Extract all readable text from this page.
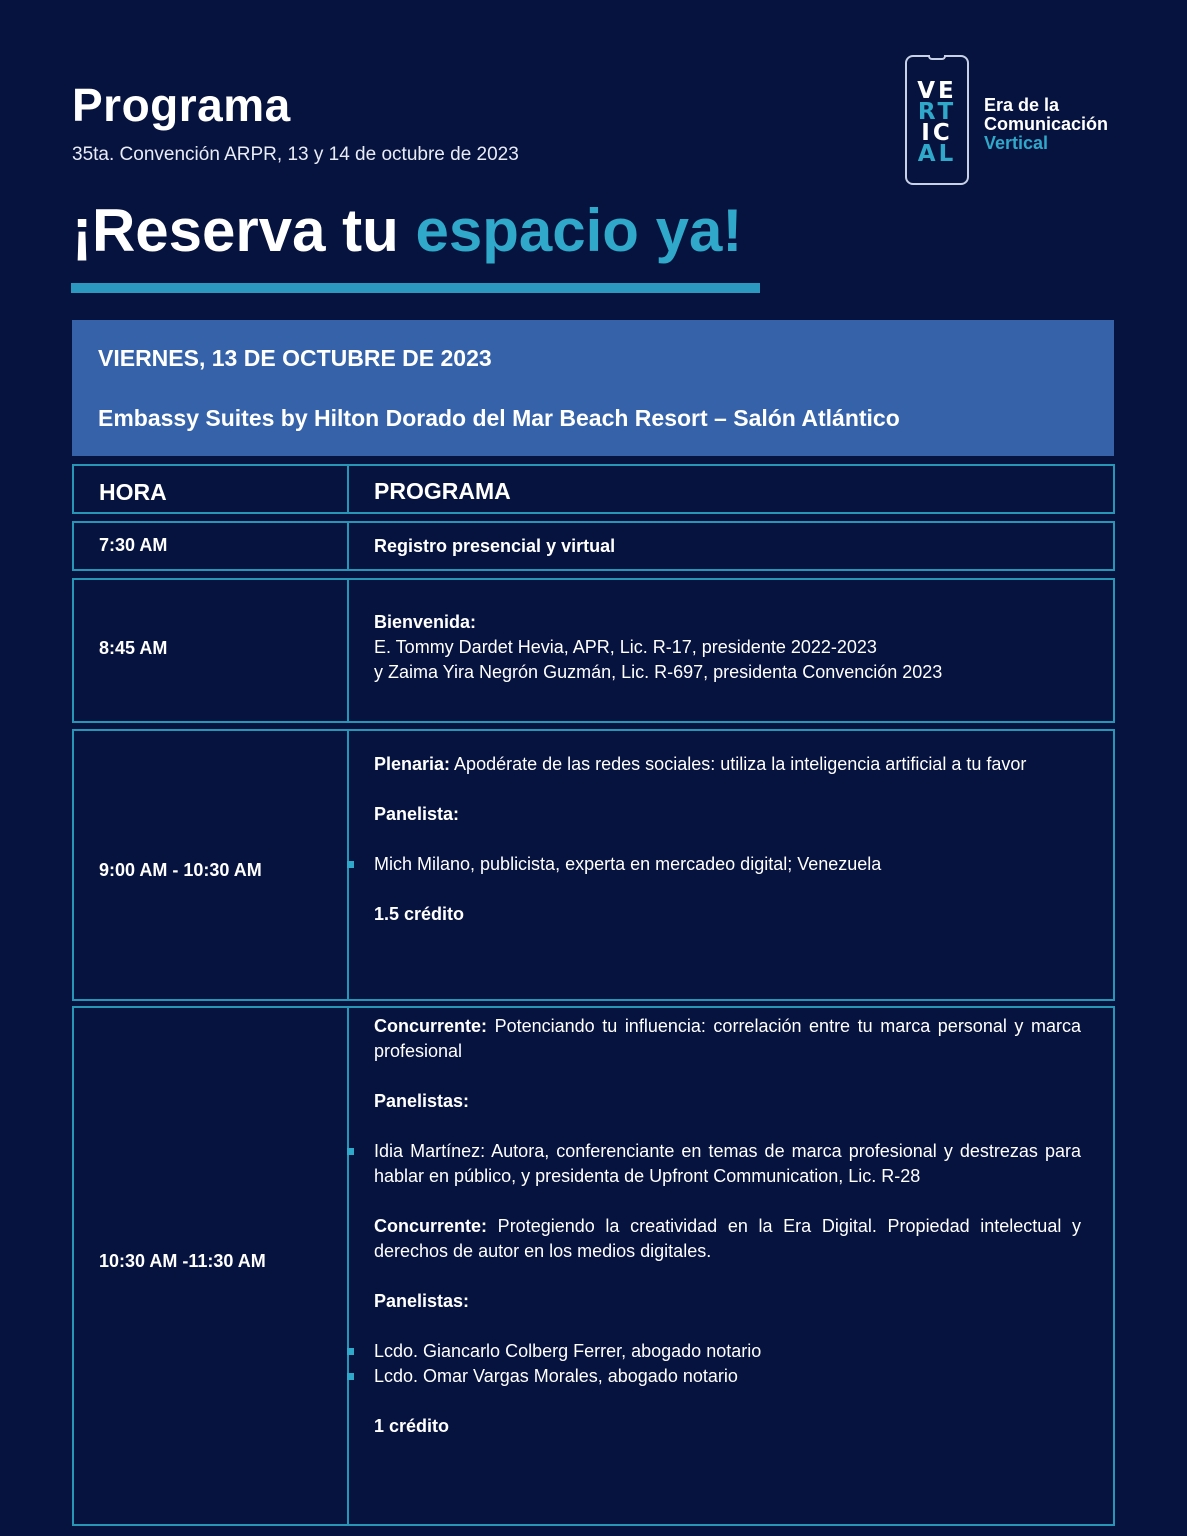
Programa
35ta. Convención ARPR, 13 y 14 de octubre de 2023
¡Reserva tu espacio ya!
VE
RT
IC
AL
Era de la
Comunicación
Vertical
VIERNES, 13 DE OCTUBRE DE 2023
Embassy Suites by Hilton Dorado del Mar Beach Resort – Salón Atlántico
HORA	PROGRAMA
7:30 AM	Registro presencial y virtual
8:45 AM
Bienvenida:
E. Tommy Dardet Hevia, APR, Lic. R-17, presidente 2022-2023
y Zaima Yira Negrón Guzmán, Lic. R-697, presidenta Convención 2023
9:00 AM - 10:30 AM
Plenaria: Apodérate de las redes sociales: utiliza la inteligencia artificial a tu favor
Panelista:
Mich Milano, publicista, experta en mercadeo digital; Venezuela
1.5 crédito
10:30 AM -11:30 AM
Concurrente: Potenciando tu influencia: correlación entre tu marca personal y marca profesional
Panelistas:
Idia Martínez: Autora, conferenciante en temas de marca profesional y destrezas para hablar en público, y presidenta de Upfront Communication, Lic. R-28
Concurrente: Protegiendo la creatividad en la Era Digital. Propiedad intelectual y derechos de autor en los medios digitales.
Panelistas:
Lcdo. Giancarlo Colberg Ferrer, abogado notario
Lcdo. Omar Vargas Morales, abogado notario
1 crédito
